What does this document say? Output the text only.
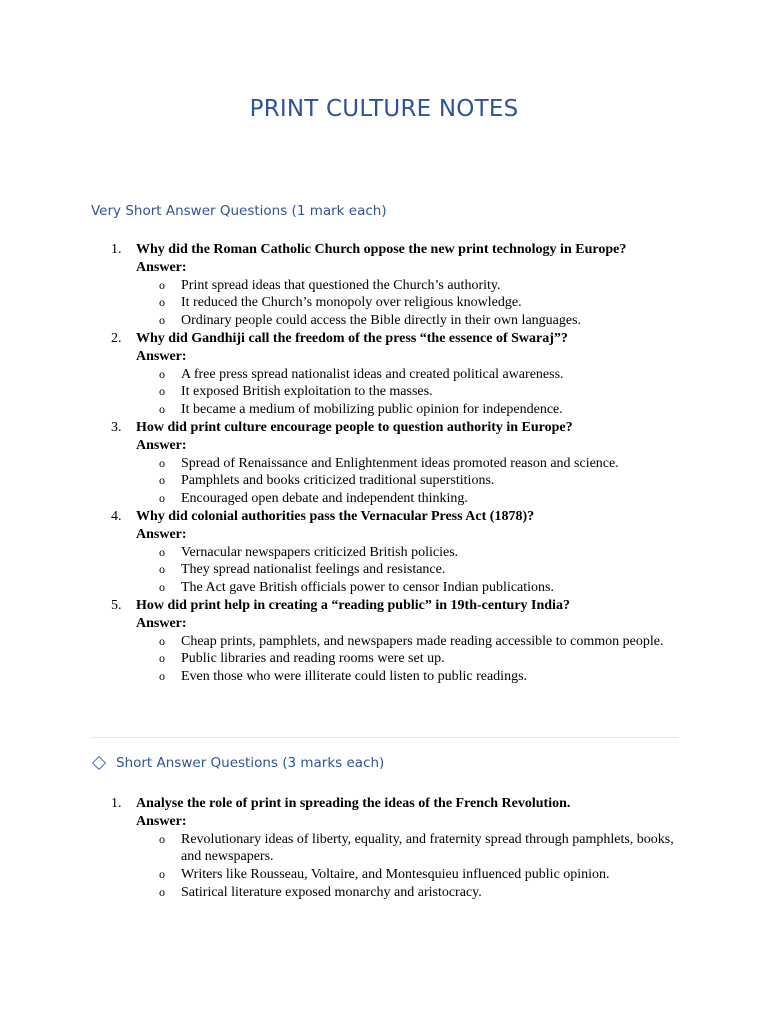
PRINT CULTURE NOTES
Very Short Answer Questions (1 mark each)
1. Why did the Roman Catholic Church oppose the new print technology in Europe?
Answer:
o Print spread ideas that questioned the Church’s authority.
o It reduced the Church’s monopoly over religious knowledge.
o Ordinary people could access the Bible directly in their own languages.
2. Why did Gandhiji call the freedom of the press “the essence of Swaraj”?
Answer:
o A free press spread nationalist ideas and created political awareness.
o It exposed British exploitation to the masses.
o It became a medium of mobilizing public opinion for independence.
3. How did print culture encourage people to question authority in Europe?
Answer:
o Spread of Renaissance and Enlightenment ideas promoted reason and science.
o Pamphlets and books criticized traditional superstitions.
o Encouraged open debate and independent thinking.
4. Why did colonial authorities pass the Vernacular Press Act (1878)?
Answer:
o Vernacular newspapers criticized British policies.
o They spread nationalist feelings and resistance.
o The Act gave British officials power to censor Indian publications.
5. How did print help in creating a “reading public” in 19th-century India?
Answer:
o Cheap prints, pamphlets, and newspapers made reading accessible to common people.
o Public libraries and reading rooms were set up.
o Even those who were illiterate could listen to public readings.
Short Answer Questions (3 marks each)
1. Analyse the role of print in spreading the ideas of the French Revolution.
Answer:
o Revolutionary ideas of liberty, equality, and fraternity spread through pamphlets, books, and newspapers.
o Writers like Rousseau, Voltaire, and Montesquieu influenced public opinion.
o Satirical literature exposed monarchy and aristocracy.
